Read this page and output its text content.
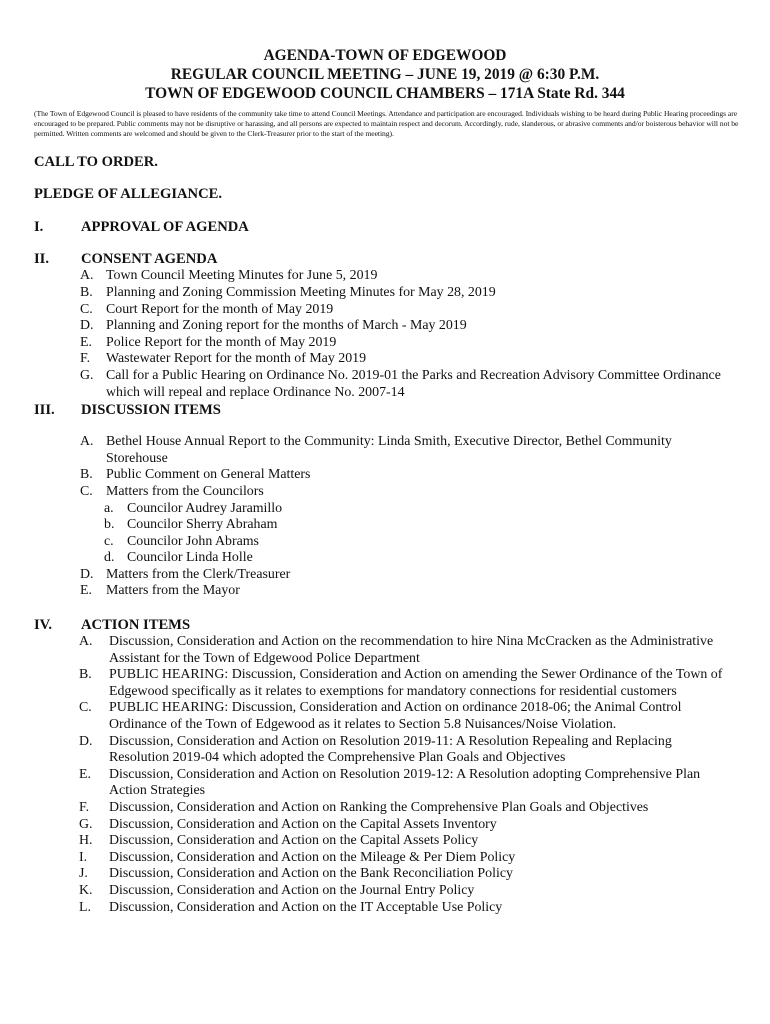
AGENDA-TOWN OF EDGEWOOD
REGULAR COUNCIL MEETING – JUNE 19, 2019 @ 6:30 P.M.
TOWN OF EDGEWOOD COUNCIL CHAMBERS – 171A State Rd. 344
(The Town of Edgewood Council is pleased to have residents of the community take time to attend Council Meetings. Attendance and participation are encouraged. Individuals wishing to be heard during Public Hearing proceedings are encouraged to be prepared. Public comments may not be disruptive or harassing, and all persons are expected to maintain respect and decorum. Accordingly, rude, slanderous, or abrasive comments and/or boisterous behavior will not be permitted. Written comments are welcomed and should be given to the Clerk-Treasurer prior to the start of the meeting).
CALL TO ORDER.
PLEDGE OF ALLEGIANCE.
I.	APPROVAL OF AGENDA
II. CONSENT AGENDA
A. Town Council Meeting Minutes for June 5, 2019
B. Planning and Zoning Commission Meeting Minutes for May 28, 2019
C. Court Report for the month of May 2019
D. Planning and Zoning report for the months of March - May 2019
E. Police Report for the month of May 2019
F. Wastewater Report for the month of May 2019
G. Call for a Public Hearing on Ordinance No. 2019-01 the Parks and Recreation Advisory Committee Ordinance which will repeal and replace Ordinance No. 2007-14
III. DISCUSSION ITEMS
A. Bethel House Annual Report to the Community: Linda Smith, Executive Director, Bethel Community Storehouse
B. Public Comment on General Matters
C. Matters from the Councilors
a. Councilor Audrey Jaramillo
b. Councilor Sherry Abraham
c. Councilor John Abrams
d. Councilor Linda Holle
D. Matters from the Clerk/Treasurer
E. Matters from the Mayor
IV. ACTION ITEMS
A. Discussion, Consideration and Action on the recommendation to hire Nina McCracken as the Administrative Assistant for the Town of Edgewood Police Department
B. PUBLIC HEARING: Discussion, Consideration and Action on amending the Sewer Ordinance of the Town of Edgewood specifically as it relates to exemptions for mandatory connections for residential customers
C. PUBLIC HEARING: Discussion, Consideration and Action on ordinance 2018-06; the Animal Control Ordinance of the Town of Edgewood as it relates to Section 5.8 Nuisances/Noise Violation.
D. Discussion, Consideration and Action on Resolution 2019-11: A Resolution Repealing and Replacing Resolution 2019-04 which adopted the Comprehensive Plan Goals and Objectives
E. Discussion, Consideration and Action on Resolution 2019-12: A Resolution adopting Comprehensive Plan Action Strategies
F. Discussion, Consideration and Action on Ranking the Comprehensive Plan Goals and Objectives
G. Discussion, Consideration and Action on the Capital Assets Inventory
H. Discussion, Consideration and Action on the Capital Assets Policy
I. Discussion, Consideration and Action on the Mileage & Per Diem Policy
J. Discussion, Consideration and Action on the Bank Reconciliation Policy
K. Discussion, Consideration and Action on the Journal Entry Policy
L. Discussion, Consideration and Action on the IT Acceptable Use Policy
